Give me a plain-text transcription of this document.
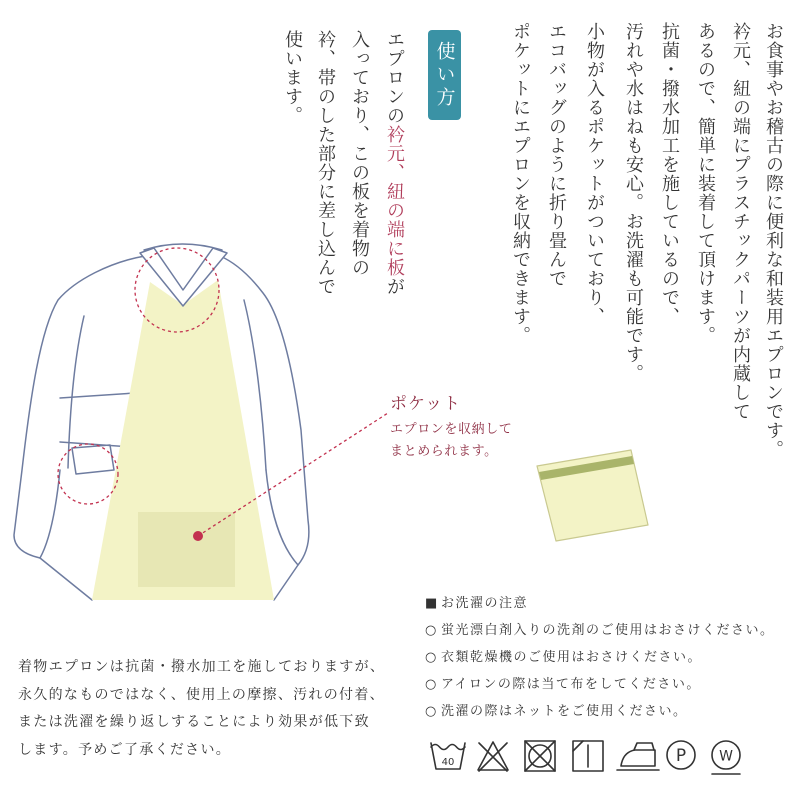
40	P W
お食事やお稽古の際に便利な和装用エプロンです。
衿元、紐の端にプラスチックパーツが内蔵して
あるので、簡単に装着して頂けます。
抗菌・撥水加工を施しているので、
汚れや水はねも安心。お洗濯も可能です。
小物が入るポケットがついており、
エコバッグのように折り畳んで
ポケットにエプロンを収納できます。
使い方
エプロンの衿元、紐の端に板が
入っており、この板を着物の
衿、帯のした部分に差し込んで
使います。
ポケット
エプロンを収納して
まとめられます。
■ お洗濯の注意
○ 蛍光漂白剤入りの洗剤のご使用はおさけください。
○ 衣類乾燥機のご使用はおさけください。
○ アイロンの際は当て布をしてください。
○ 洗濯の際はネットをご使用ください。
着物エプロンは抗菌・撥水加工を施しておりますが、
永久的なものではなく、使用上の摩擦、汚れの付着、
または洗濯を繰り返しすることにより効果が低下致
します。予めご了承ください。
